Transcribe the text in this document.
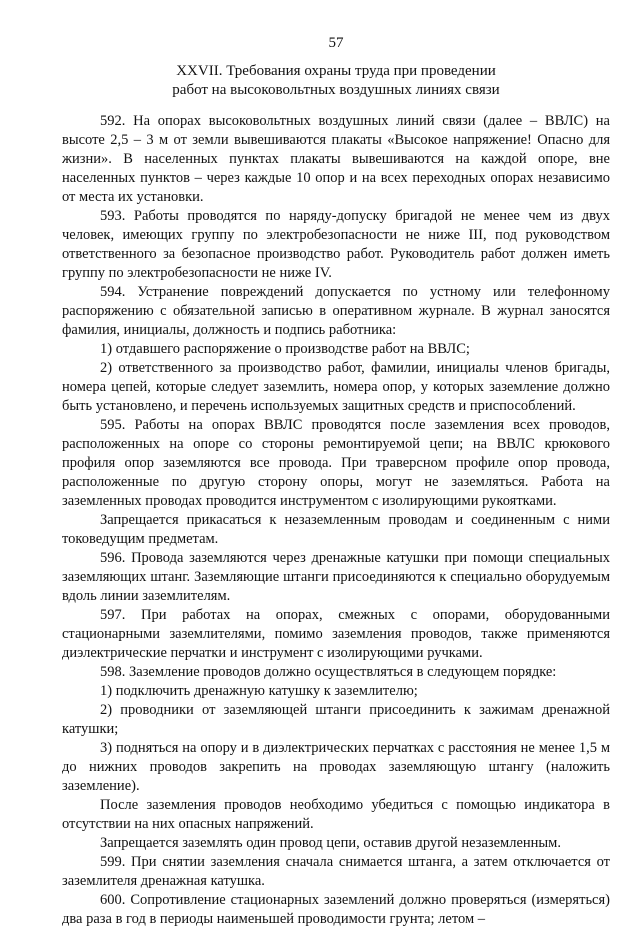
57
XXVII. Требования охраны труда при проведении
работ на высоковольтных воздушных линиях связи

592. На опорах высоковольтных воздушных линий связи (далее – ВВЛС) на высоте 2,5 – 3 м от земли вывешиваются плакаты «Высокое напряжение! Опасно для жизни». В населенных пунктах плакаты вывешиваются на каждой опоре, вне населенных пунктов – через каждые 10 опор и на всех переходных опорах независимо от места их установки.

593. Работы проводятся по наряду-допуску бригадой не менее чем из двух человек, имеющих группу по электробезопасности не ниже III, под руководством ответственного за безопасное производство работ. Руководитель работ должен иметь группу по электробезопасности не ниже IV.

594. Устранение повреждений допускается по устному или телефонному распоряжению с обязательной записью в оперативном журнале. В журнал заносятся фамилия, инициалы, должность и подпись работника:

1) отдавшего распоряжение о производстве работ на ВВЛС;

2) ответственного за производство работ, фамилии, инициалы членов бригады, номера цепей, которые следует заземлить, номера опор, у которых заземление должно быть установлено, и перечень используемых защитных средств и приспособлений.

595. Работы на опорах ВВЛС проводятся после заземления всех проводов, расположенных на опоре со стороны ремонтируемой цепи; на ВВЛС крюкового профиля опор заземляются все провода. При траверсном профиле опор провода, расположенные по другую сторону опоры, могут не заземляться. Работа на заземленных проводах проводится инструментом с изолирующими рукоятками.

Запрещается прикасаться к незаземленным проводам и соединенным с ними токоведущим предметам.

596. Провода заземляются через дренажные катушки при помощи специальных заземляющих штанг. Заземляющие штанги присоединяются к специально оборудуемым вдоль линии заземлителям.

597. При работах на опорах, смежных с опорами, оборудованными стационарными заземлителями, помимо заземления проводов, также применяются диэлектрические перчатки и инструмент с изолирующими ручками.

598. Заземление проводов должно осуществляться в следующем порядке:

1) подключить дренажную катушку к заземлителю;

2) проводники от заземляющей штанги присоединить к зажимам дренажной катушки;

3) подняться на опору и в диэлектрических перчатках с расстояния не менее 1,5 м до нижних проводов закрепить на проводах заземляющую штангу (наложить заземление).

После заземления проводов необходимо убедиться с помощью индикатора в отсутствии на них опасных напряжений.

Запрещается заземлять один провод цепи, оставив другой незаземленным.

599. При снятии заземления сначала снимается штанга, а затем отключается от заземлителя дренажная катушка.

600. Сопротивление стационарных заземлений должно проверяться (измеряться) два раза в год в периоды наименьшей проводимости грунта; летом –
